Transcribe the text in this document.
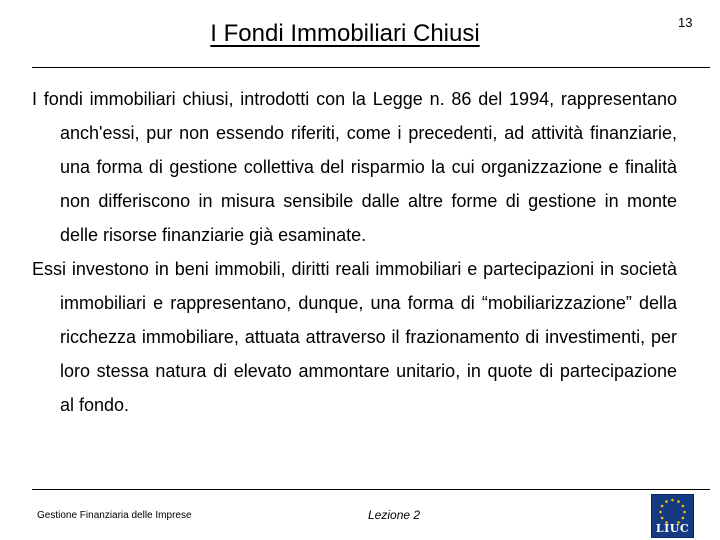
I Fondi Immobiliari Chiusi	13

I fondi immobiliari chiusi, introdotti con la Legge n. 86 del 1994, rappresentano anch'essi, pur non essendo riferiti, come i precedenti, ad attività finanziarie, una forma di gestione collettiva del risparmio la cui organizzazione e finalità non differiscono in misura sensibile dalle altre forme di gestione in monte delle risorse finanziarie già esaminate.

Essi investono in beni immobili, diritti reali immobiliari e partecipazioni in società immobiliari e rappresentano, dunque, una forma di “mobiliarizzazione” della ricchezza immobiliare, attuata attraverso il frazionamento di investimenti, per loro stessa natura di elevato ammontare unitario, in quote di partecipazione al fondo.

Gestione Finanziaria delle Imprese	Lezione 2
LIUC
